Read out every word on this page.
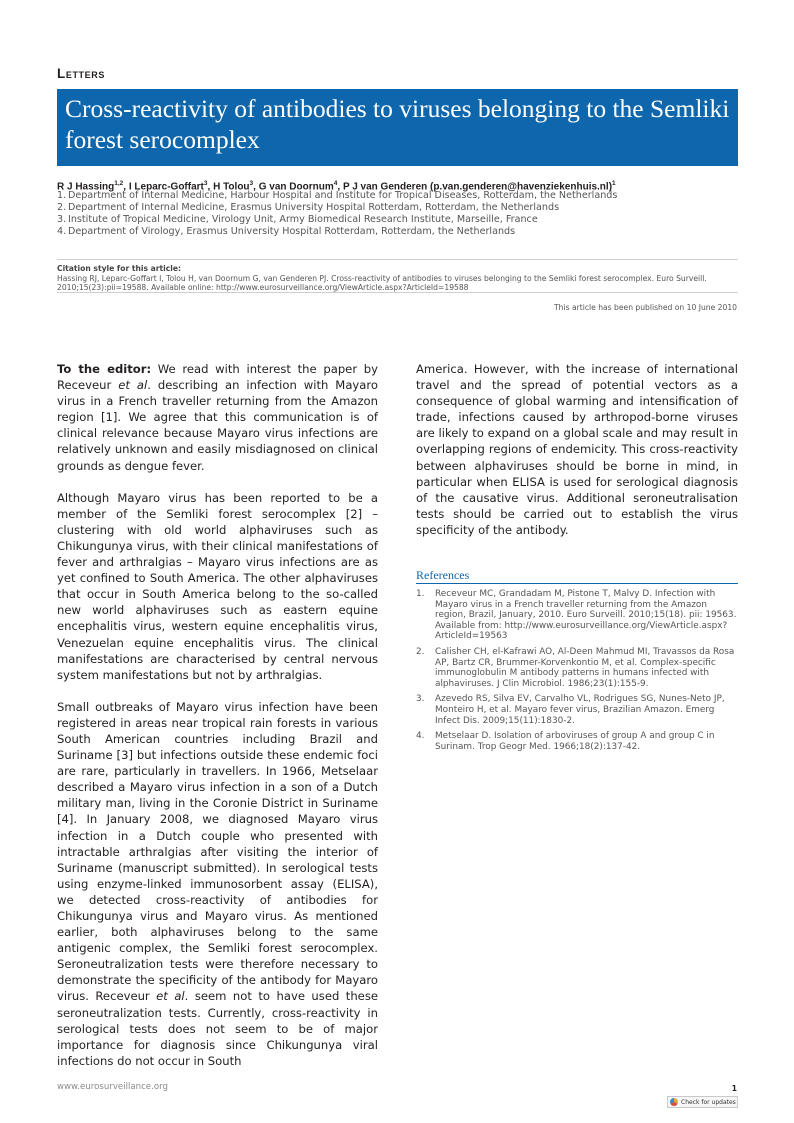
Letters
Cross-reactivity of antibodies to viruses belonging to the Semliki forest serocomplex
R J Hassing$^{1,2}$, I Leparc-Goffart$^3$, H Tolou$^3$, G van Doornum$^4$, P J van Genderen (p.van.genderen@havenziekenhuis.nl)$^1$
1. Department of Internal Medicine, Harbour Hospital and Institute for Tropical Diseases, Rotterdam, the Netherlands
2. Department of Internal Medicine, Erasmus University Hospital Rotterdam, Rotterdam, the Netherlands
3. Institute of Tropical Medicine, Virology Unit, Army Biomedical Research Institute, Marseille, France
4. Department of Virology, Erasmus University Hospital Rotterdam, Rotterdam, the Netherlands
Citation style for this article:
Hassing RJ, Leparc-Goffart I, Tolou H, van Doornum G, van Genderen PJ. Cross-reactivity of antibodies to viruses belonging to the Semliki forest serocomplex. Euro Surveill. 2010;15(23):pii=19588. Available online: http://www.eurosurveillance.org/ViewArticle.aspx?ArticleId=19588
This article has been published on 10 June 2010

To the editor: We read with interest the paper by Receveur et al. describing an infection with Mayaro virus in a French traveller returning from the Amazon region [1]. We agree that this communication is of clinical relevance because Mayaro virus infections are relatively unknown and easily misdiagnosed on clinical grounds as dengue fever.

Although Mayaro virus has been reported to be a member of the Semliki forest serocomplex [2] – clustering with old world alphaviruses such as Chikungunya virus, with their clinical manifestations of fever and arthralgias – Mayaro virus infections are as yet confined to South America. The other alphaviruses that occur in South America belong to the so-called new world alphaviruses such as eastern equine encephalitis virus, western equine encephalitis virus, Venezuelan equine encephalitis virus. The clinical manifestations are characterised by central nervous system manifestations but not by arthralgias.

Small outbreaks of Mayaro virus infection have been registered in areas near tropical rain forests in various South American countries including Brazil and Suriname [3] but infections outside these endemic foci are rare, particularly in travellers. In 1966, Metselaar described a Mayaro virus infection in a son of a Dutch military man, living in the Coronie District in Suriname [4]. In January 2008, we diagnosed Mayaro virus infection in a Dutch couple who presented with intractable arthralgias after visiting the interior of Suriname (manuscript submitted). In serological tests using enzyme-linked immunosorbent assay (ELISA), we detected cross-reactivity of antibodies for Chikungunya virus and Mayaro virus. As mentioned earlier, both alphaviruses belong to the same antigenic complex, the Semliki forest serocomplex. Seroneutralization tests were therefore necessary to demonstrate the specificity of the antibody for Mayaro virus. Receveur et al. seem not to have used these seroneutralization tests. Currently, cross-reactivity in serological tests does not seem to be of major importance for diagnosis since Chikungunya viral infections do not occur in South

America. However, with the increase of international travel and the spread of potential vectors as a consequence of global warming and intensification of trade, infections caused by arthropod-borne viruses are likely to expand on a global scale and may result in overlapping regions of endemicity. This cross-reactivity between alphaviruses should be borne in mind, in particular when ELISA is used for serological diagnosis of the causative virus. Additional seroneutralisation tests should be carried out to establish the virus specificity of the antibody.

References
1.	Receveur MC, Grandadam M, Pistone T, Malvy D. Infection with Mayaro virus in a French traveller returning from the Amazon region, Brazil, January, 2010. Euro Surveill. 2010;15(18). pii: 19563. Available from: http://www.eurosurveillance.org/ViewArticle.aspx?ArticleId=19563
2.	Calisher CH, el-Kafrawi AO, Al-Deen Mahmud MI, Travassos da Rosa AP, Bartz CR, Brummer-Korvenkontio M, et al. Complex-specific immunoglobulin M antibody patterns in humans infected with alphaviruses. J Clin Microbiol. 1986;23(1):155-9.
3.	Azevedo RS, Silva EV, Carvalho VL, Rodrigues SG, Nunes-Neto JP, Monteiro H, et al. Mayaro fever virus, Brazilian Amazon. Emerg Infect Dis. 2009;15(11):1830-2.
4.	Metselaar D. Isolation of arboviruses of group A and group C in Surinam. Trop Geogr Med. 1966;18(2):137-42.
www.eurosurveillance.org	1
Check for updates
